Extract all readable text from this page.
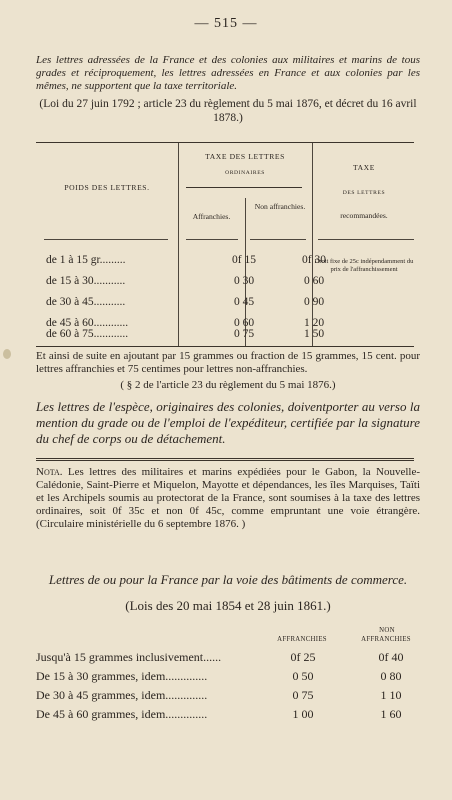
— 515 —
Les lettres adressées de la France et des colonies aux militaires et marins de tous grades et réciproquement, les lettres adressées en France et aux colonies par les mêmes, ne supportent que la taxe territoriale.
(Loi du 27 juin 1792 ; article 23 du règlement du 5 mai 1876, et décret du 16 avril 1878.)
POIDS DES LETTRES.
TAXE DES LETTRES
ORDINAIRES
Affranchies.
Non affranchies.
TAXE
DES LETTRES
recommandées.
de 1 à 15 gr.........	0f 15	0f 30
de 15 à 30...........	0 30	0 60
de 30 à 45...........	0 45	0 90
de 45 à 60............	0 60	1 20
de 60 à 75............	0 75	1 50
Droit fixe de 25c indépendamment du prix de l'affranchissement
Et ainsi de suite en ajoutant par 15 grammes ou fraction de 15 grammes, 15 cent. pour lettres affranchies et 75 centimes pour lettres non-affranchies.
( § 2 de l'article 23 du règlement du 5 mai 1876.)
Les lettres de l'espèce, originaires des colonies, doiventporter au verso la mention du grade ou de l'emploi de l'expéditeur, certifiée par la signature du chef de corps ou de détachement.
Nota. Les lettres des militaires et marins expédiées pour le Gabon, la Nouvelle-Calédonie, Saint-Pierre et Miquelon, Mayotte et dépendances, les îles Marquises, Taïti et les Archipels soumis au protectorat de la France, sont soumises à la taxe des lettres ordinaires, soit 0f 35c et non 0f 45c, comme empruntant une voie étrangère. (Circulaire ministérielle du 6 septembre 1876. )
Lettres de ou pour la France par la voie des bâtiments de commerce.
(Lois des 20 mai 1854 et 28 juin 1861.)
AFFRANCHIES
NON
AFFRANCHIES
Jusqu'à 15 grammes inclusivement......	0f 25	0f 40
De 15 à 30 grammes, idem..............	0 50	0 80
De 30 à 45 grammes, idem..............	0 75	1 10
De 45 à 60 grammes, idem..............	1 00	1 60
